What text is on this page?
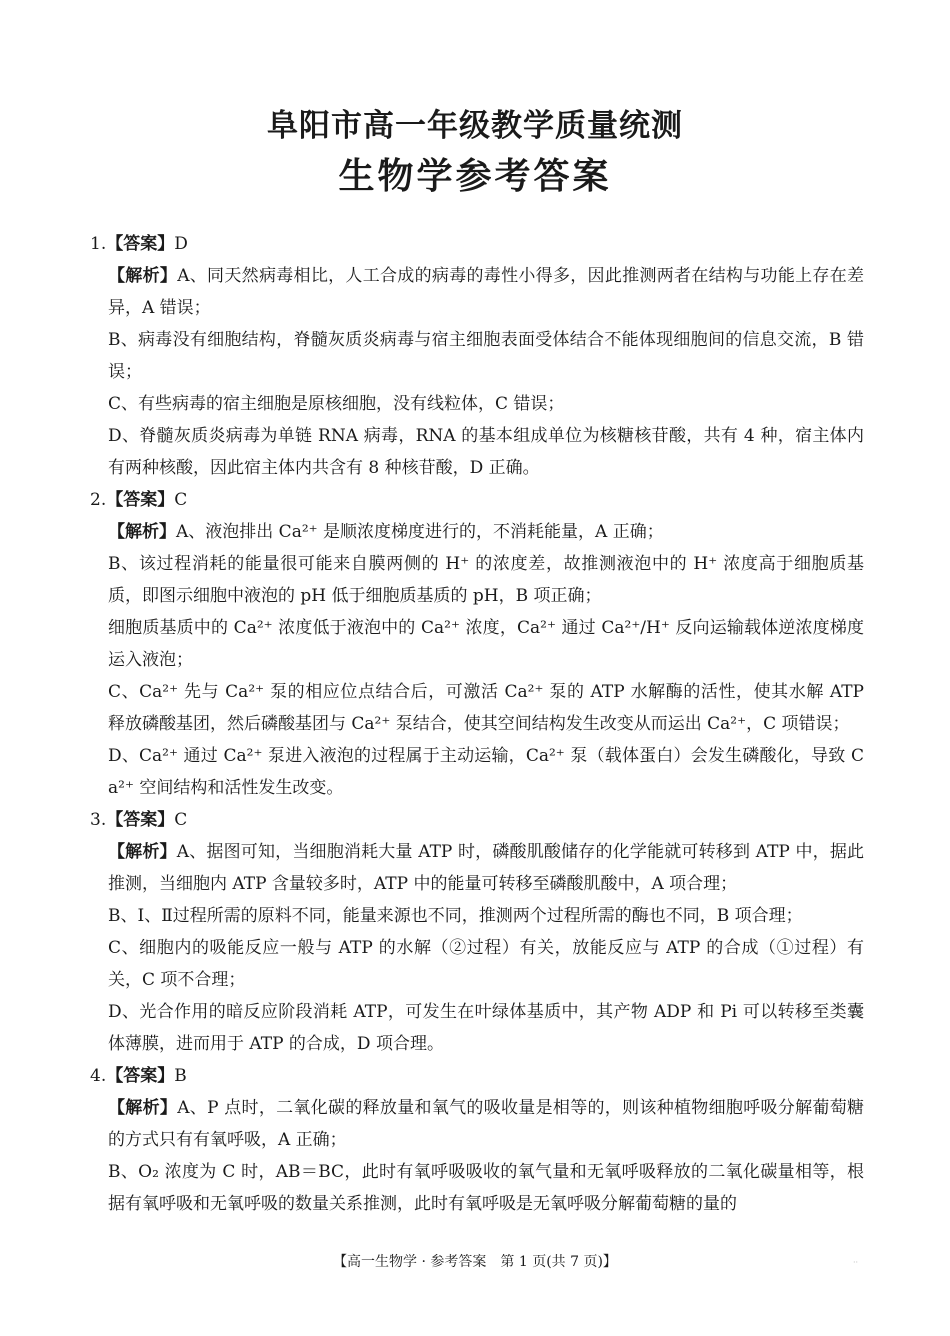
阜阳市高一年级教学质量统测
生物学参考答案
1.【答案】D
【解析】A、同天然病毒相比，人工合成的病毒的毒性小得多，因此推测两者在结构与功能上存在差异，A 错误；
B、病毒没有细胞结构，脊髓灰质炎病毒与宿主细胞表面受体结合不能体现细胞间的信息交流，B 错误；
C、有些病毒的宿主细胞是原核细胞，没有线粒体，C 错误；
D、脊髓灰质炎病毒为单链 RNA 病毒，RNA 的基本组成单位为核糖核苷酸，共有 4 种，宿主体内有两种核酸，因此宿主体内共含有 8 种核苷酸，D 正确。
2.【答案】C
【解析】A、液泡排出 Ca²⁺ 是顺浓度梯度进行的，不消耗能量，A 正确；
B、该过程消耗的能量很可能来自膜两侧的 H⁺ 的浓度差，故推测液泡中的 H⁺ 浓度高于细胞质基质，即图示细胞中液泡的 pH 低于细胞质基质的 pH，B 项正确；
细胞质基质中的 Ca²⁺ 浓度低于液泡中的 Ca²⁺ 浓度，Ca²⁺ 通过 Ca²⁺/H⁺ 反向运输载体逆浓度梯度运入液泡；
C、Ca²⁺ 先与 Ca²⁺ 泵的相应位点结合后，可激活 Ca²⁺ 泵的 ATP 水解酶的活性，使其水解 ATP 释放磷酸基团，然后磷酸基团与 Ca²⁺ 泵结合，使其空间结构发生改变从而运出 Ca²⁺，C 项错误；
D、Ca²⁺ 通过 Ca²⁺ 泵进入液泡的过程属于主动运输，Ca²⁺ 泵（载体蛋白）会发生磷酸化，导致 Ca²⁺ 空间结构和活性发生改变。
3.【答案】C
【解析】A、据图可知，当细胞消耗大量 ATP 时，磷酸肌酸储存的化学能就可转移到 ATP 中，据此推测，当细胞内 ATP 含量较多时，ATP 中的能量可转移至磷酸肌酸中，A 项合理；
B、Ⅰ、Ⅱ过程所需的原料不同，能量来源也不同，推测两个过程所需的酶也不同，B 项合理；
C、细胞内的吸能反应一般与 ATP 的水解（②过程）有关，放能反应与 ATP 的合成（①过程）有关，C 项不合理；
D、光合作用的暗反应阶段消耗 ATP，可发生在叶绿体基质中，其产物 ADP 和 Pi 可以转移至类囊体薄膜，进而用于 ATP 的合成，D 项合理。
4.【答案】B
【解析】A、P 点时，二氧化碳的释放量和氧气的吸收量是相等的，则该种植物细胞呼吸分解葡萄糖的方式只有有氧呼吸，A 正确；
B、O₂ 浓度为 C 时，AB＝BC，此时有氧呼吸吸收的氧气量和无氧呼吸释放的二氧化碳量相等，根据有氧呼吸和无氧呼吸的数量关系推测，此时有氧呼吸是无氧呼吸分解葡萄糖的量的
【高一生物学 · 参考答案　第 1 页(共 7 页)】	··
